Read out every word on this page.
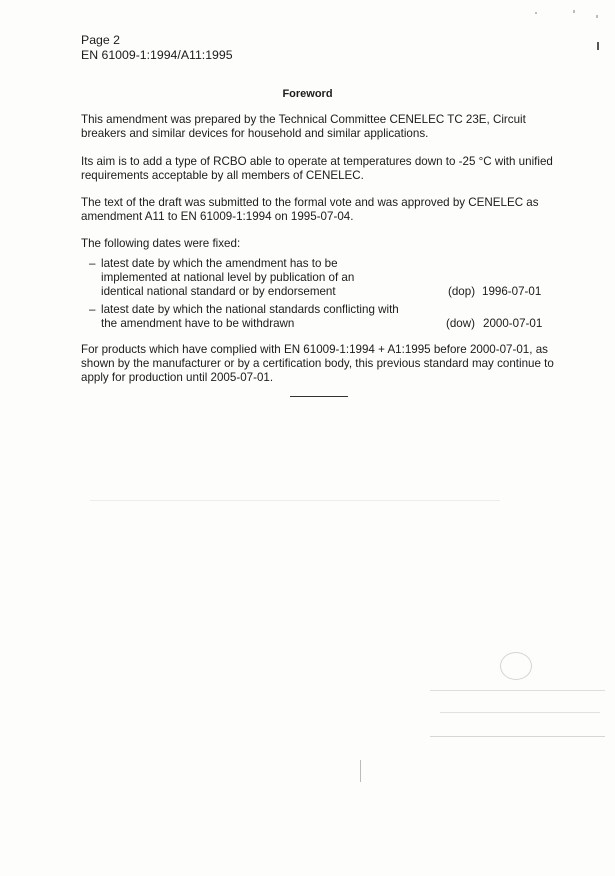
Page 2
EN 61009-1:1994/A11:1995
Foreword
This amendment was prepared by the Technical Committee CENELEC TC 23E, Circuit breakers and similar devices for household and similar applications.
Its aim is to add a type of RCBO able to operate at temperatures down to -25 °C with unified requirements acceptable by all members of CENELEC.
The text of the draft was submitted to the formal vote and was approved by CENELEC as amendment A11 to EN 61009-1:1994 on 1995-07-04.
The following dates were fixed:
– latest date by which the amendment has to be implemented at national level by publication of an identical national standard or by endorsement	(dop) 1996-07-01
– latest date by which the national standards conflicting with the amendment have to be withdrawn	(dow) 2000-07-01
For products which have complied with EN 61009-1:1994 + A1:1995 before 2000-07-01, as shown by the manufacturer or by a certification body, this previous standard may continue to apply for production until 2005-07-01.
